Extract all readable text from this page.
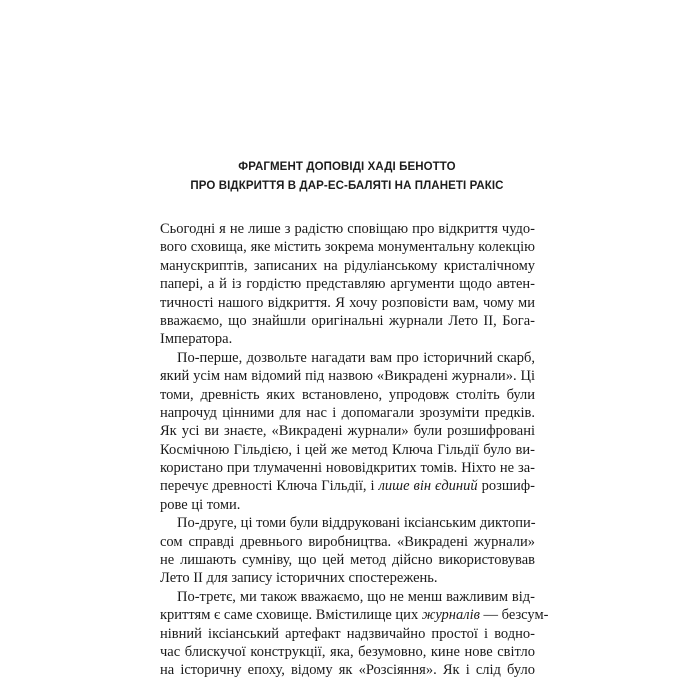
ФРАГМЕНТ ДОПОВІДІ ХАДІ БЕНОТТО
ПРО ВІДКРИТТЯ В ДАР-ЕС-БАЛЯТІ НА ПЛАНЕТІ РАКІС
Сьогодні я не лише з радістю сповіщаю про відкриття чудо-
вого сховища, яке містить зокрема монументальну колекцію
манускриптів, записаних на рідуліанському кристалічному
папері, а й із гордістю представляю аргументи щодо автен-
тичності нашого відкриття. Я хочу розповісти вам, чому ми
вважаємо, що знайшли оригінальні журнали Лето ІІ, Бога-
Імператора.
По-перше, дозвольте нагадати вам про історичний скарб,
який усім нам відомий під назвою «Викрадені журнали». Ці
томи, древність яких встановлено, упродовж століть були
напрочуд цінними для нас і допомагали зрозуміти предків.
Як усі ви знаєте, «Викрадені журнали» були розшифровані
Космічною Гільдією, і цей же метод Ключа Гільдії було ви-
користано при тлумаченні нововідкритих томів. Ніхто не за-
перечує древності Ключа Гільдії, і лише він єдиний розшиф-
рове ці томи.
По-друге, ці томи були віддруковані іксіанським диктопи-
сом справді древнього виробництва. «Викрадені журнали»
не лишають сумніву, що цей метод дійсно використовував
Лето ІІ для запису історичних спостережень.
По-третє, ми також вважаємо, що не менш важливим від-
криттям є саме сховище. Вмістилище цих журналів — безсум-
нівний іксіанський артефакт надзвичайно простої і водно-
час блискучої конструкції, яка, безумовно, кине нове світло
на історичну епоху, відому як «Розсіяння». Як і слід було
